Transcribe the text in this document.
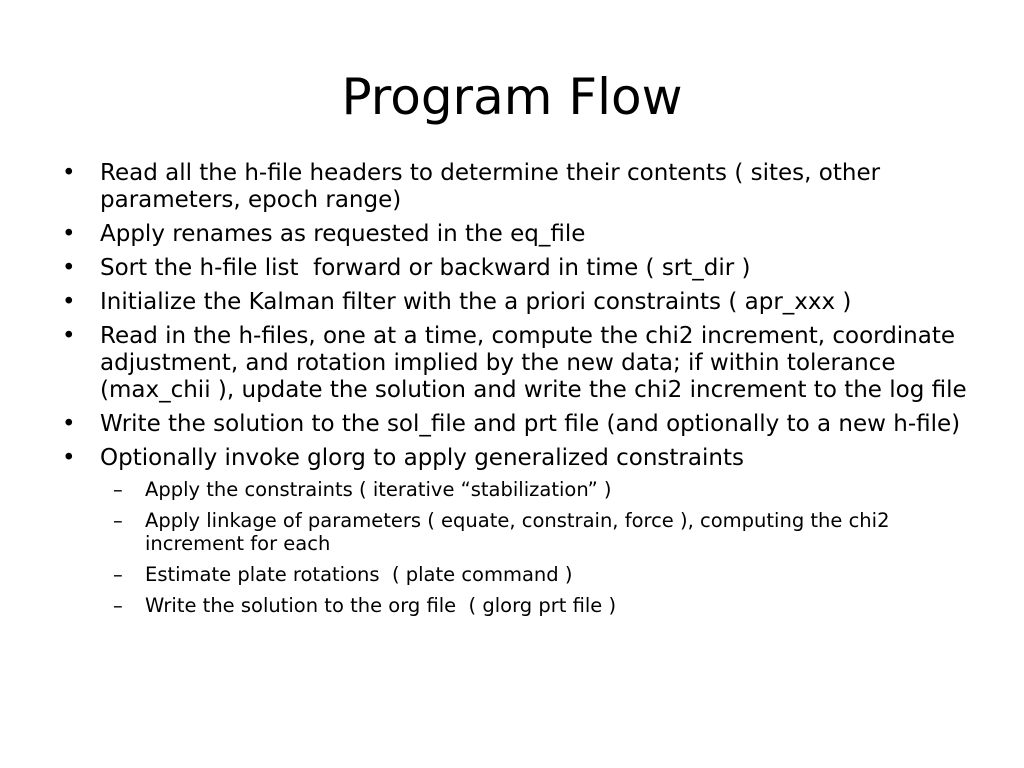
Program Flow
•	Read all the h-file headers to determine their contents ( sites, other parameters, epoch range)
•	Apply renames as requested in the eq_file
•	Sort the h-file list  forward or backward in time ( srt_dir )
•	Initialize the Kalman filter with the a priori constraints ( apr_xxx )
•	Read in the h-files, one at a time, compute the chi2 increment, coordinate adjustment, and rotation implied by the new data; if within tolerance (max_chii ), update the solution and write the chi2 increment to the log file
•	Write the solution to the sol_file and prt file (and optionally to a new h-file)
•	Optionally invoke glorg to apply generalized constraints
– Apply the constraints ( iterative “stabilization” )
– Apply linkage of parameters ( equate, constrain, force ), computing the chi2 increment for each
– Estimate plate rotations  ( plate command )
– Write the solution to the org file  ( glorg prt file )
